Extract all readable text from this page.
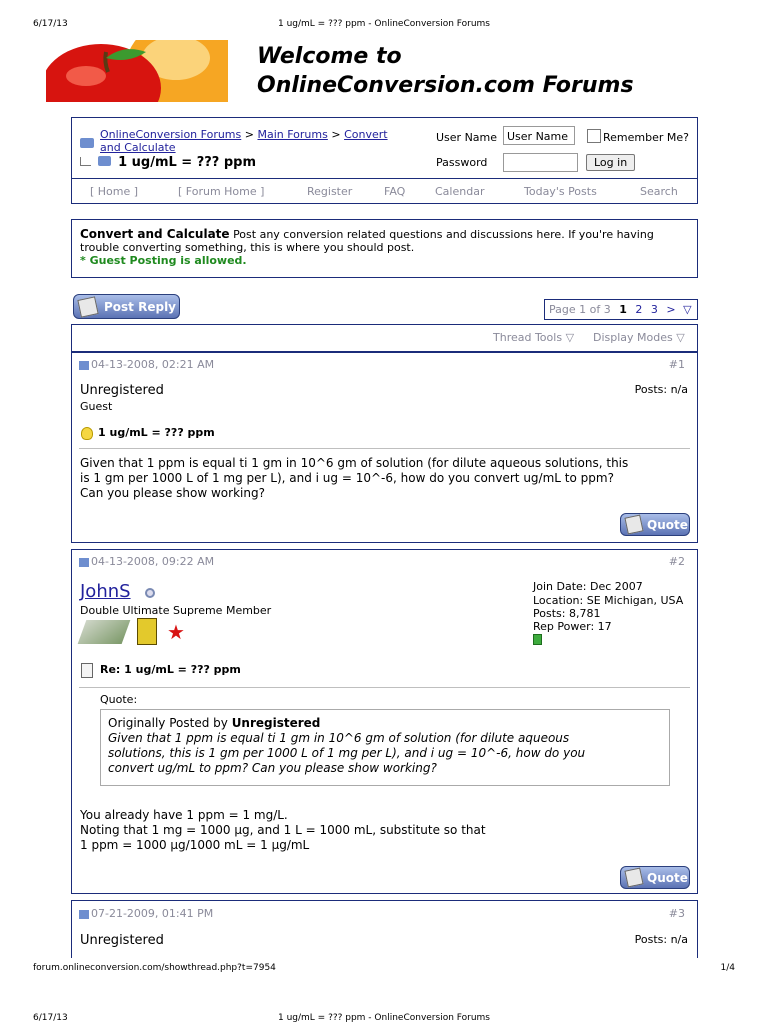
6/17/13	1 ug/mL = ??? ppm - OnlineConversion Forums
Welcome to OnlineConversion.com Forums
OnlineConversion Forums > Main Forums > Convert
and Calculate
1 ug/mL = ??? ppm
User Name User Name	Remember Me?
Password	Log in
[ Home ]	[ Forum Home ]	Register	FAQ	Calendar	Today's Posts	Search
Convert and Calculate Post any conversion related questions and discussions here. If you're having
trouble converting something, this is where you should post.
* Guest Posting is allowed.
Post Reply	Page 1 of 3 1 2 3 > ▽
Thread Tools ▽ Display Modes ▽
04-13-2008, 02:21 AM	#1
Unregistered
Guest
Posts: n/a
1 ug/mL = ??? ppm
Given that 1 ppm is equal ti 1 gm in 10^6 gm of solution (for dilute aqueous solutions, this
is 1 gm per 1000 L of 1 mg per L), and i ug = 10^-6, how do you convert ug/mL to ppm?
Can you please show working?
Quote
04-13-2008, 09:22 AM	#2
JohnS
Double Ultimate Supreme Member
★
Join Date: Dec 2007
Location: SE Michigan, USA
Posts: 8,781
Rep Power: 17
Re: 1 ug/mL = ??? ppm
Quote:
Originally Posted by Unregistered
Given that 1 ppm is equal ti 1 gm in 10^6 gm of solution (for dilute aqueous
solutions, this is 1 gm per 1000 L of 1 mg per L), and i ug = 10^-6, how do you
convert ug/mL to ppm? Can you please show working?
You already have 1 ppm = 1 mg/L.
Noting that 1 mg = 1000 µg, and 1 L = 1000 mL, substitute so that
1 ppm = 1000 µg/1000 mL = 1 µg/mL
Quote
07-21-2009, 01:41 PM	#3
Unregistered	Posts: n/a
forum.onlineconversion.com/showthread.php?t=7954	1/4
6/17/13	1 ug/mL = ??? ppm - OnlineConversion Forums
